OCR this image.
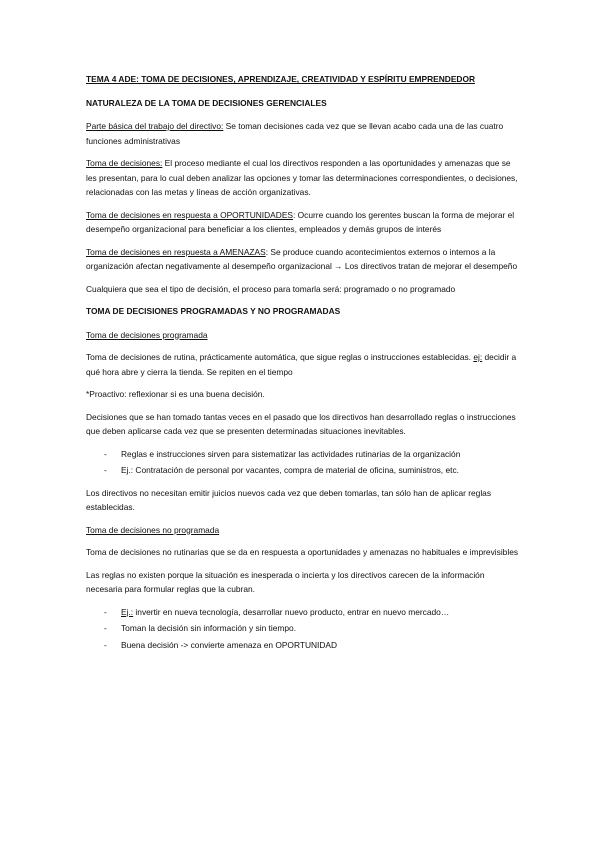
TEMA 4 ADE: TOMA DE DECISIONES, APRENDIZAJE, CREATIVIDAD Y ESPÍRITU EMPRENDEDOR

NATURALEZA DE LA TOMA DE DECISIONES GERENCIALES

Parte básica del trabajo del directivo: Se toman decisiones cada vez que se llevan acabo cada una de las cuatro funciones administrativas

Toma de decisiones: El proceso mediante el cual los directivos responden a las oportunidades y amenazas que se les presentan, para lo cual deben analizar las opciones y tomar las determinaciones correspondientes, o decisiones, relacionadas con las metas y líneas de acción organizativas.

Toma de decisiones en respuesta a OPORTUNIDADES: Ocurre cuando los gerentes buscan la forma de mejorar el desempeño organizacional para beneficiar a los clientes, empleados y demás grupos de interés

Toma de decisiones en respuesta a AMENAZAS: Se produce cuando acontecimientos externos o internos a la organización afectan negativamente al desempeño organizacional → Los directivos tratan de mejorar el desempeño

Cualquiera que sea el tipo de decisión, el proceso para tomarla será: programado o no programado

TOMA DE DECISIONES PROGRAMADAS Y NO PROGRAMADAS

Toma de decisiones programada

Toma de decisiones de rutina, prácticamente automática, que sigue reglas o instrucciones establecidas. ej: decidir a qué hora abre y cierra la tienda. Se repiten en el tiempo

*Proactivo: reflexionar si es una buena decisión.

Decisiones que se han tomado tantas veces en el pasado que los directivos han desarrollado reglas o instrucciones que deben aplicarse cada vez que se presenten determinadas situaciones inevitables.

- Reglas e instrucciones sirven para sistematizar las actividades rutinarias de la organización
- Ej.: Contratación de personal por vacantes, compra de material de oficina, suministros, etc.

Los directivos no necesitan emitir juicios nuevos cada vez que deben tomarlas, tan sólo han de aplicar reglas establecidas.

Toma de decisiones no programada

Toma de decisiones no rutinarias que se da en respuesta a oportunidades y amenazas no habituales e imprevisibles

Las reglas no existen porque la situación es inesperada o incierta y los directivos carecen de la información necesaria para formular reglas que la cubran.

- Ej.: invertir en nueva tecnología, desarrollar nuevo producto, entrar en nuevo mercado…
- Toman la decisión sin información y sin tiempo.
- Buena decisión -> convierte amenaza en OPORTUNIDAD
